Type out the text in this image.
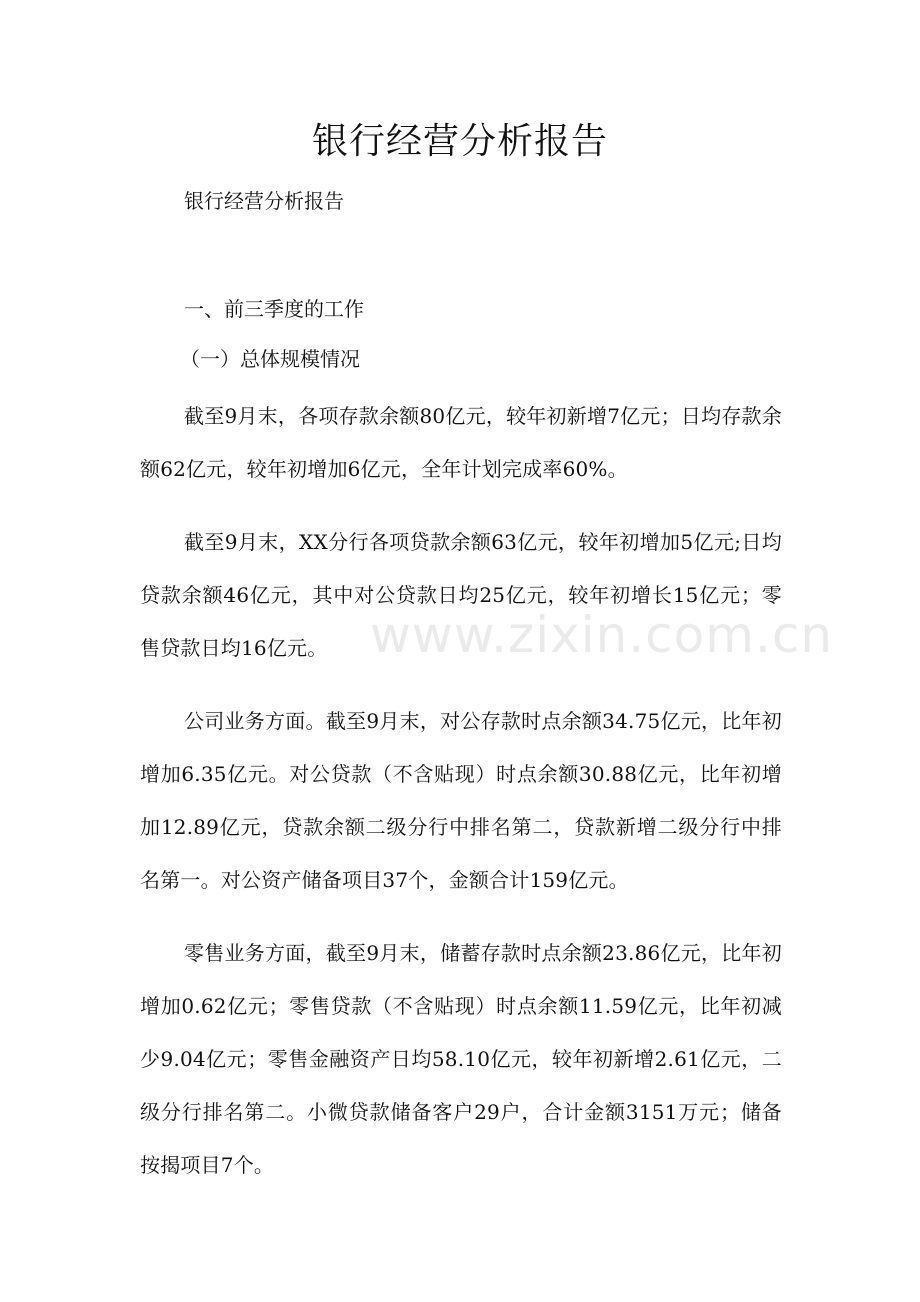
银行经营分析报告

银行经营分析报告

一、前三季度的工作
（一）总体规模情况

截至9月末，各项存款余额80亿元，较年初新增7亿元；日均存款余额62亿元，较年初增加6亿元，全年计划完成率60%。

截至9月末，XX分行各项贷款余额63亿元，较年初增加5亿元;日均贷款余额46亿元，其中对公贷款日均25亿元，较年初增长15亿元；零售贷款日均16亿元。

公司业务方面。截至9月末，对公存款时点余额34.75亿元，比年初增加6.35亿元。对公贷款（不含贴现）时点余额30.88亿元，比年初增加12.89亿元，贷款余额二级分行中排名第二，贷款新增二级分行中排名第一。对公资产储备项目37个，金额合计159亿元。

零售业务方面，截至9月末，储蓄存款时点余额23.86亿元，比年初增加0.62亿元；零售贷款（不含贴现）时点余额11.59亿元，比年初减少9.04亿元；零售金融资产日均58.10亿元，较年初新增2.61亿元，二级分行排名第二。小微贷款储备客户29户，合计金额3151万元；储备按揭项目7个。

www.zixin.com.cn
